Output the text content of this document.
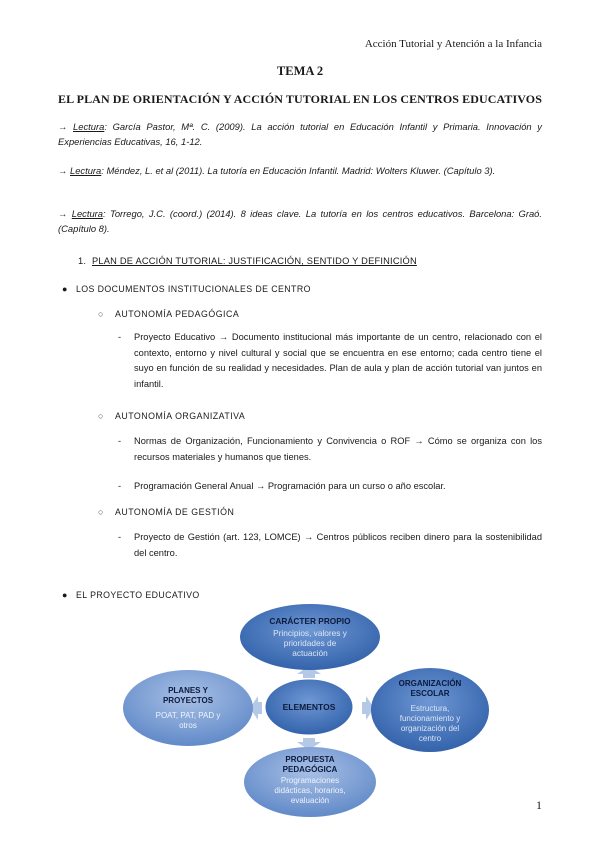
Acción Tutorial y Atención a la Infancia
TEMA 2
EL PLAN DE ORIENTACIÓN Y ACCIÓN TUTORIAL EN LOS CENTROS EDUCATIVOS
→ Lectura: García Pastor, Mª. C. (2009). La acción tutorial en Educación Infantil y Primaria. Innovación y Experiencias Educativas, 16, 1-12.
→ Lectura: Méndez, L. et al (2011). La tutoría en Educación Infantil. Madrid: Wolters Kluwer. (Capítulo 3).
→ Lectura: Torrego, J.C. (coord.) (2014). 8 ideas clave. La tutoría en los centros educativos. Barcelona: Graó. (Capítulo 8).
1. PLAN DE ACCIÓN TUTORIAL: JUSTIFICACIÓN, SENTIDO Y DEFINICIÓN
● LOS DOCUMENTOS INSTITUCIONALES DE CENTRO
○ AUTONOMÍA PEDAGÓGICA
- Proyecto Educativo → Documento institucional más importante de un centro, relacionado con el contexto, entorno y nivel cultural y social que se encuentra en ese entorno; cada centro tiene el suyo en función de su realidad y necesidades. Plan de aula y plan de acción tutorial van juntos en infantil.
○ AUTONOMÍA ORGANIZATIVA
- Normas de Organización, Funcionamiento y Convivencia o ROF → Cómo se organiza con los recursos materiales y humanos que tienes.
- Programación General Anual → Programación para un curso o año escolar.
○ AUTONOMÍA DE GESTIÓN
- Proyecto de Gestión (art. 123, LOMCE) → Centros públicos reciben dinero para la sostenibilidad del centro.
● EL PROYECTO EDUCATIVO
CARÁCTER PROPIO
Principios, valores y
prioridades de
actuación
ORGANIZACIÓN
ESCOLAR
Estructura,
funcionamiento y
organización del
centro
PLANES Y
PROYECTOS
POAT, PAT, PAD y
otros
PROPUESTA
PEDAGÓGICA
Programaciones
didácticas, horarios,
evaluación
ELEMENTOS
1
